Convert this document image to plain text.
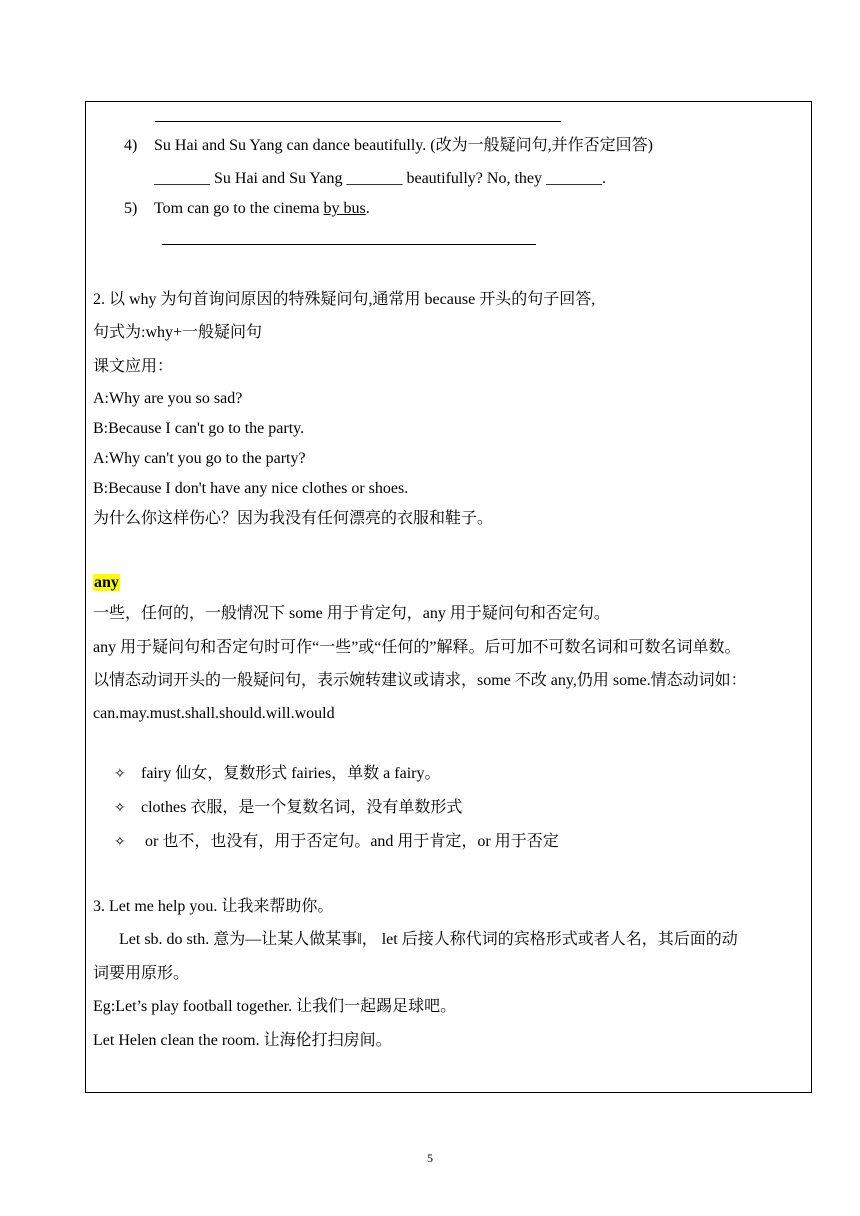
4) Su Hai and Su Yang can dance beautifully. (改为一般疑问句,并作否定回答)
_______ Su Hai and Su Yang _______ beautifully? No, they _______.
5) Tom can go to the cinema by bus.
2. 以 why 为句首询问原因的特殊疑问句,通常用 because 开头的句子回答,
句式为:why+一般疑问句
课文应用：
A:Why are you so sad?
B:Because I can't go to the party.
A:Why can't you go to the party?
B:Because I don't have any nice clothes or shoes.
为什么你这样伤心？因为我没有任何漂亮的衣服和鞋子。
any
一些，任何的，一般情况下 some 用于肯定句，any 用于疑问句和否定句。
any 用于疑问句和否定句时可作“一些”或“任何的”解释。后可加不可数名词和可数名词单数。
以情态动词开头的一般疑问句，表示婉转建议或请求，some 不改 any,仍用 some.情态动词如：
can.may.must.shall.should.will.would
✧ fairy 仙女，复数形式 fairies，单数 a fairy。
✧ clothes 衣服，是一个复数名词，没有单数形式
✧ or 也不，也没有，用于否定句。and 用于肯定，or 用于否定
3. Let me help you. 让我来帮助你。
Let sb. do sth. 意为—让某人做某事‖， let 后接人称代词的宾格形式或者人名，其后面的动
词要用原形。
Eg:Let’s play football together. 让我们一起踢足球吧。
Let Helen clean the room. 让海伦打扫房间。
5
